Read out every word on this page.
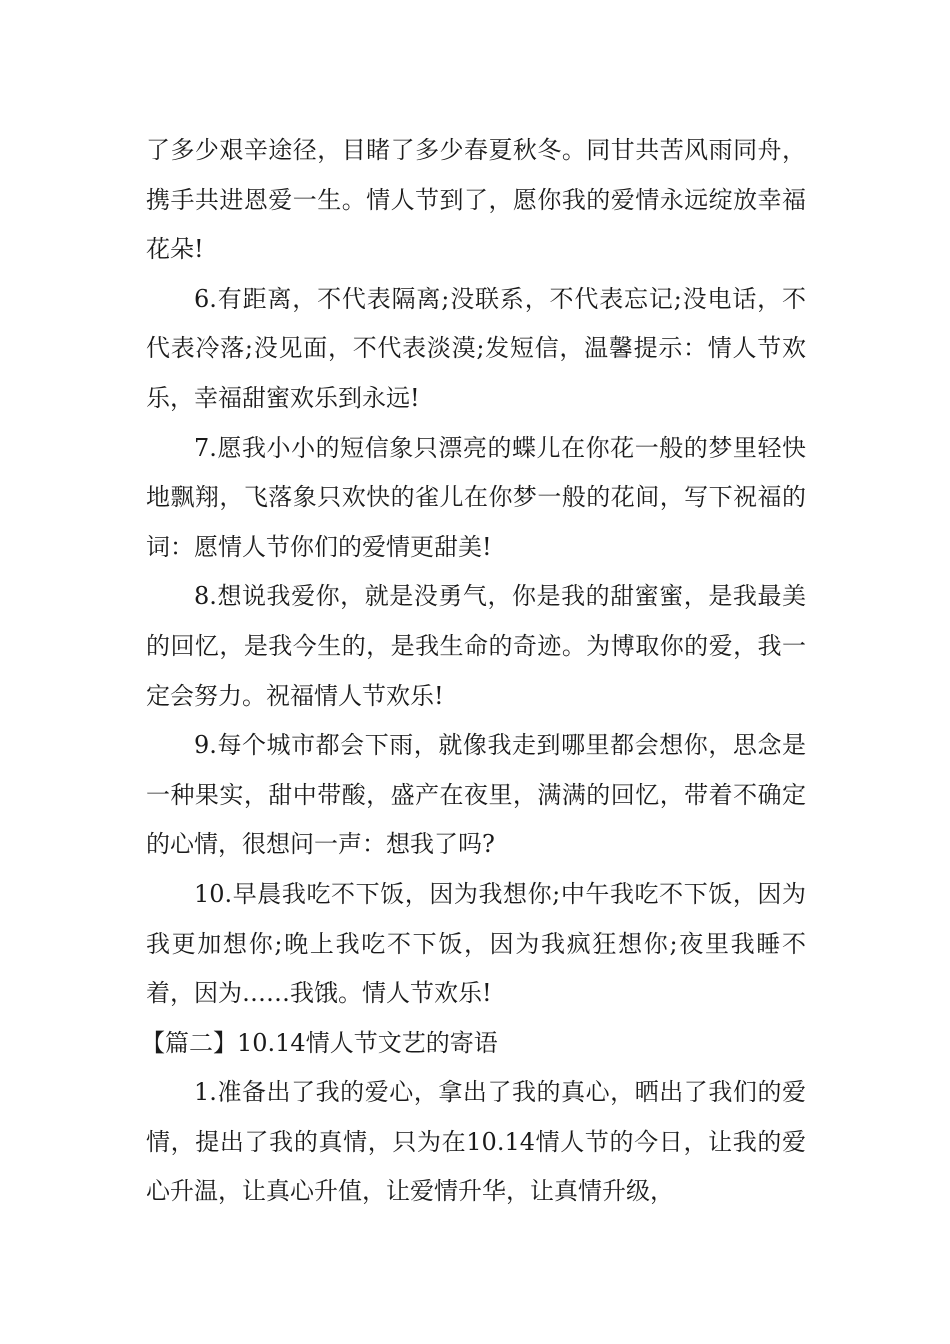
了多少艰辛途径，目睹了多少春夏秋冬。同甘共苦风雨同舟，携手共进恩爱一生。情人节到了，愿你我的爱情永远绽放幸福花朵!

6.有距离，不代表隔离;没联系，不代表忘记;没电话，不代表冷落;没见面，不代表淡漠;发短信，温馨提示：情人节欢乐，幸福甜蜜欢乐到永远!

7.愿我小小的短信象只漂亮的蝶儿在你花一般的梦里轻快地飘翔，飞落象只欢快的雀儿在你梦一般的花间，写下祝福的词：愿情人节你们的爱情更甜美!

8.想说我爱你，就是没勇气，你是我的甜蜜蜜，是我最美的回忆，是我今生的，是我生命的奇迹。为博取你的爱，我一定会努力。祝福情人节欢乐!

9.每个城市都会下雨，就像我走到哪里都会想你，思念是一种果实，甜中带酸，盛产在夜里，满满的回忆，带着不确定的心情，很想问一声：想我了吗?

10.早晨我吃不下饭，因为我想你;中午我吃不下饭，因为我更加想你;晚上我吃不下饭，因为我疯狂想你;夜里我睡不着，因为……我饿。情人节欢乐!

【篇二】10.14情人节文艺的寄语

1.准备出了我的爱心，拿出了我的真心，晒出了我们的爱情，提出了我的真情，只为在10.14情人节的今日，让我的爱心升温，让真心升值，让爱情升华，让真情升级，
